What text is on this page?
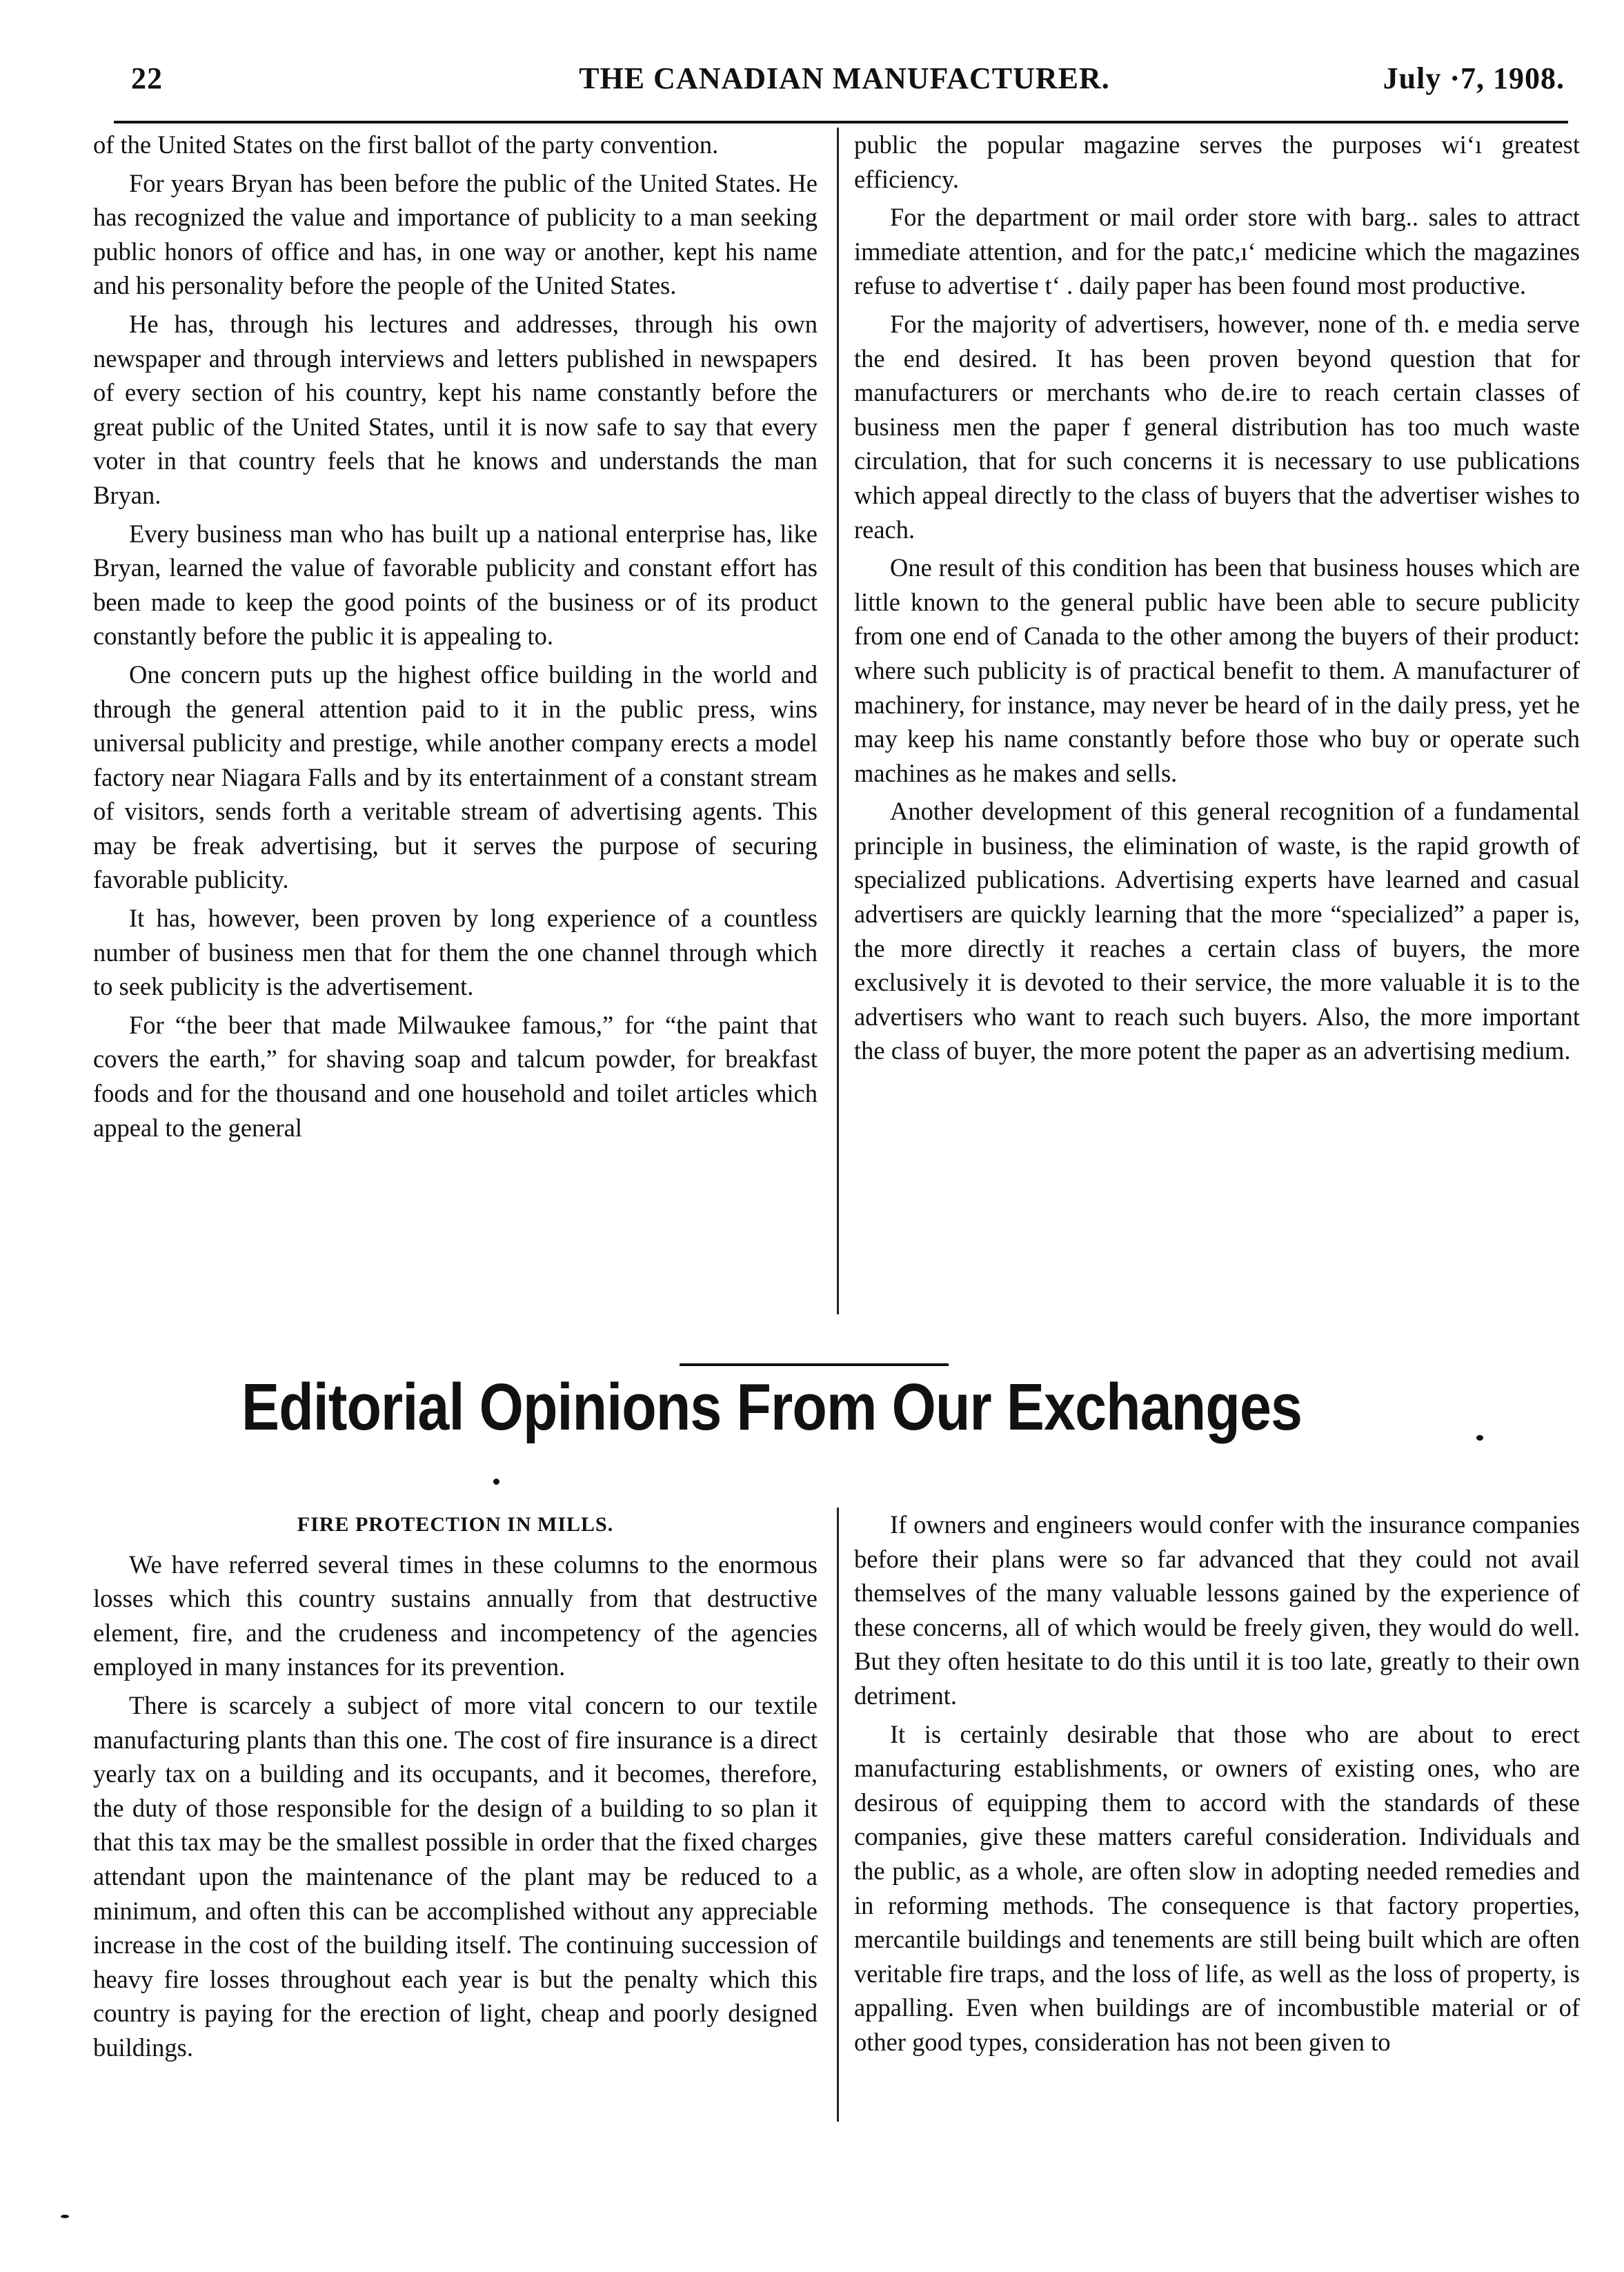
22	THE CANADIAN MANUFACTURER.	July ·7, 1908.

of the United States on the first ballot of the party convention.

For years Bryan has been before the public of the United States. He has recognized the value and importance of publicity to a man seeking public honors of office and has, in one way or another, kept his name and his personality before the people of the United States.

He has, through his lectures and addresses, through his own newspaper and through interviews and letters published in newspapers of every section of his country, kept his name constantly before the great public of the United States, until it is now safe to say that every voter in that country feels that he knows and understands the man Bryan.

Every business man who has built up a national enterprise has, like Bryan, learned the value of favorable publicity and constant effort has been made to keep the good points of the business or of its product constantly before the public it is appealing to.

One concern puts up the highest office building in the world and through the general attention paid to it in the public press, wins universal publicity and prestige, while another company erects a model factory near Niagara Falls and by its entertainment of a constant stream of visitors, sends forth a veritable stream of advertising agents. This may be freak advertising, but it serves the purpose of securing favorable publicity.

It has, however, been proven by long experience of a countless number of business men that for them the one channel through which to seek publicity is the advertisement.

For “the beer that made Milwaukee famous,” for “the paint that covers the earth,” for shaving soap and talcum powder, for breakfast foods and for the thousand and one household and toilet articles which appeal to the general

public the popular magazine serves the purposes wi‘ı greatest efficiency.

For the department or mail order store with barg.. sales to attract immediate attention, and for the patc,ı‘ medicine which the magazines refuse to advertise t‘ . daily paper has been found most productive.

For the majority of advertisers, however, none of th. e media serve the end desired. It has been proven beyond question that for manufacturers or merchants who de.ire to reach certain classes of business men the paper f general distribution has too much waste circulation, that for such concerns it is necessary to use publications which appeal directly to the class of buyers that the advertiser wishes to reach.

One result of this condition has been that business houses which are little known to the general public have been able to secure publicity from one end of Canada to the other among the buyers of their product: where such publicity is of practical benefit to them. A manufacturer of machinery, for instance, may never be heard of in the daily press, yet he may keep his name constantly before those who buy or operate such machines as he makes and sells.

Another development of this general recognition of a fundamental principle in business, the elimination of waste, is the rapid growth of specialized publications. Advertising experts have learned and casual advertisers are quickly learning that the more “specialized” a paper is, the more directly it reaches a certain class of buyers, the more exclusively it is devoted to their service, the more valuable it is to the advertisers who want to reach such buyers. Also, the more important the class of buyer, the more potent the paper as an advertising medium.

Editorial Opinions From Our Exchanges

FIRE PROTECTION IN MILLS.

We have referred several times in these columns to the enormous losses which this country sustains annually from that destructive element, fire, and the crudeness and incompetency of the agencies employed in many instances for its prevention.

There is scarcely a subject of more vital concern to our textile manufacturing plants than this one. The cost of fire insurance is a direct yearly tax on a building and its occupants, and it becomes, therefore, the duty of those responsible for the design of a building to so plan it that this tax may be the smallest possible in order that the fixed charges attendant upon the maintenance of the plant may be reduced to a minimum, and often this can be accomplished without any appreciable increase in the cost of the building itself. The continuing succession of heavy fire losses throughout each year is but the penalty which this country is paying for the erection of light, cheap and poorly designed buildings.

If owners and engineers would confer with the insurance companies before their plans were so far advanced that they could not avail themselves of the many valuable lessons gained by the experience of these concerns, all of which would be freely given, they would do well. But they often hesitate to do this until it is too late, greatly to their own detriment.

It is certainly desirable that those who are about to erect manufacturing establishments, or owners of existing ones, who are desirous of equipping them to accord with the standards of these companies, give these matters careful consideration. Individuals and the public, as a whole, are often slow in adopting needed remedies and in reforming methods. The consequence is that factory properties, mercantile buildings and tenements are still being built which are often veritable fire traps, and the loss of life, as well as the loss of property, is appalling. Even when buildings are of incombustible material or of other good types, consideration has not been given to
